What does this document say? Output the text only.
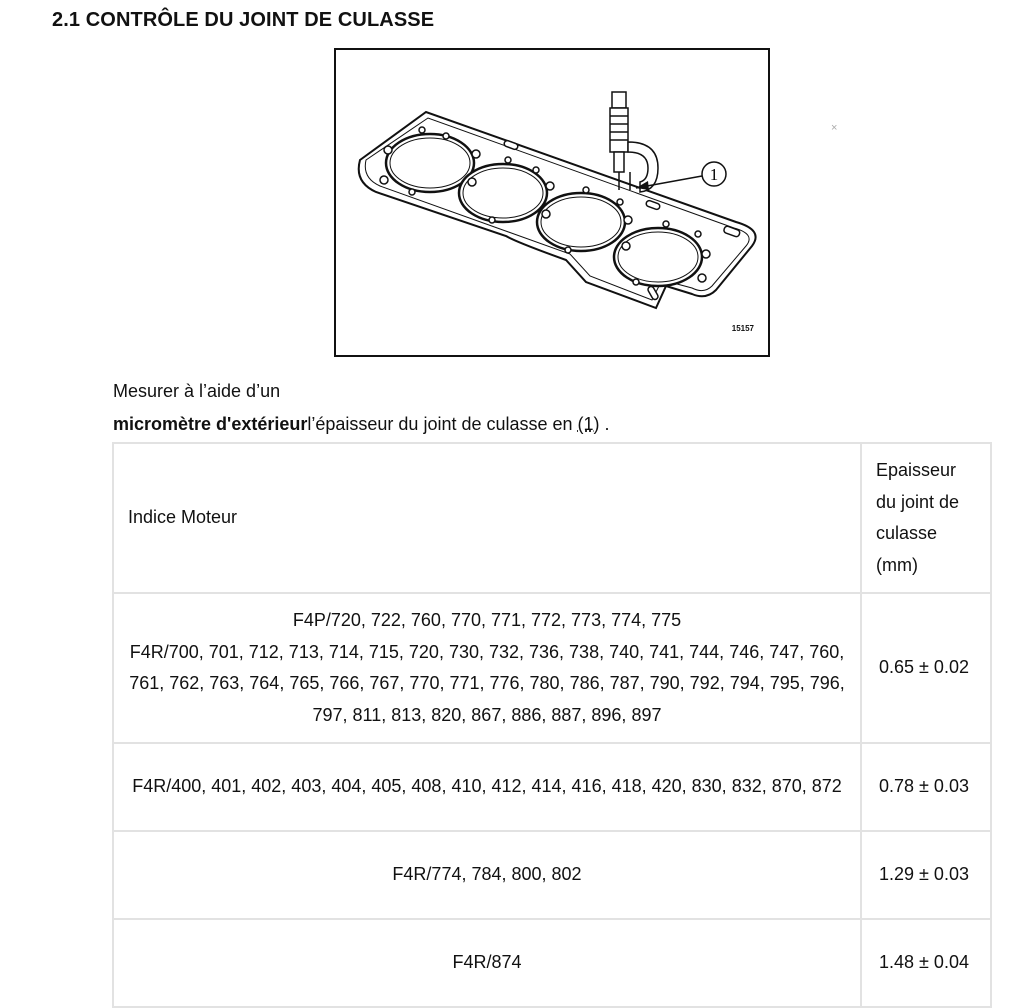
2.1 CONTRÔLE DU JOINT DE CULASSE
1
15157
×
Mesurer à l’aide d’un
micromètre d'extérieurl’épaisseur du joint de culasse en (1) .
Indice Moteur	Epaisseur du joint de culasse (mm)

F4P/720, 722, 760, 770, 771, 772, 773, 774, 775
F4R/700, 701, 712, 713, 714, 715, 720, 730, 732, 736, 738, 740, 741, 744, 746, 747, 760, 761, 762, 763, 764, 765, 766, 767, 770, 771, 776, 780, 786, 787, 790, 792, 794, 795, 796, 797, 811, 813, 820, 867, 886, 887, 896, 897	0.65 ± 0.02
F4R/400, 401, 402, 403, 404, 405, 408, 410, 412, 414, 416, 418, 420, 830, 832, 870, 872	0.78 ± 0.03
F4R/774, 784, 800, 802	1.29 ± 0.03
F4R/874	1.48 ± 0.04
